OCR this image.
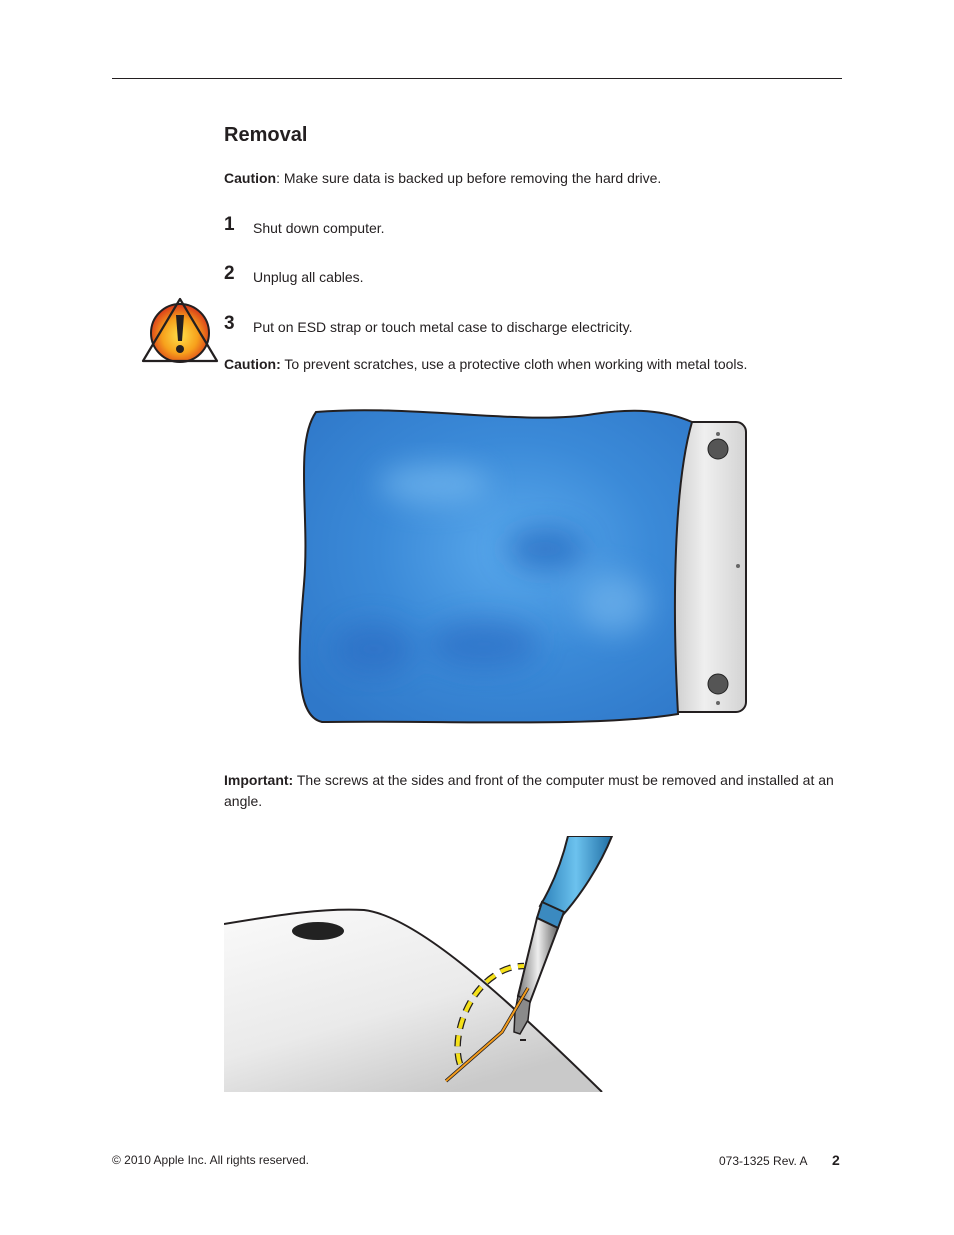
Removal

Caution: Make sure data is backed up before removing the hard drive.

1 Shut down computer.
2 Unplug all cables.
3 Put on ESD strap or touch metal case to discharge electricity.

Caution: To prevent scratches, use a protective cloth when working with metal tools.

Important: The screws at the sides and front of the computer must be removed and installed at an angle.

© 2010 Apple Inc. All rights reserved.	073-1325 Rev. A 2
